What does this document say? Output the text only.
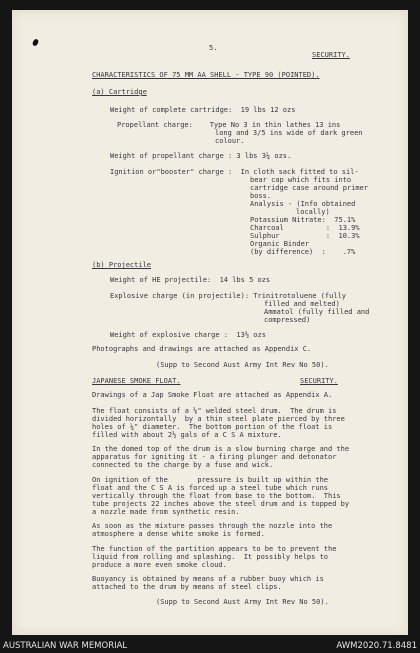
5.

SECURITY.

CHARACTERISTICS OF 75 MM AA SHELL - TYPE 90 (POINTED).

(a) Cartridge

Weight of complete cartridge:  19 lbs 12 ozs

Propellant charge:    Type No 3 in thin lathes 13 ins

long and 3/5 ins wide of dark green

colour.

Weight of propellant charge : 3 lbs 3¼ ozs.

Ignition or"booster" charge :  In cloth sack fitted to sil-

bear cap which fits into

cartridge case around primer

boss.

Analysis - (Info obtained

locally)

Potassium Nitrate:  75.1%

Charcoal          :  13.9%

Sulphur           :  10.3%

Organic Binder

(by difference)  :    .7%

(b) Projectile

Weight of HE projectile:  14 lbs 5 ozs

Explosive charge (in projectile): Trinitrotoluene (fully

filled and melted)

Ammatol (fully filled and

compressed)

Weight of explosive charge :  13½ ozs

Photographs and drawings are attached as Appendix C.

(Supp to Second Aust Army Int Rev No 50).

JAPANESE SMOKE FLOAT.	SECURITY.

Drawings of a Jap Smoke Float are attached as Appendix A.

The float consists of a ⅛" welded steel drum.  The drum is

divided horizontally  by a thin steel plate pierced by three

holes of ¼" diameter.  The bottom portion of the float is

filled with about 2½ gals of a C S A mixture.

In the domed top of the drum is a slow burning charge and the

apparatus for igniting it - a firing plunger and detonator

connected to the charge by a fuse and wick.

On ignition of the       pressure is built up within the

float and the C S A is forced up a steel tube which runs

vertically through the float from base to the bottom.  This

tube projects 22 inches above the steel drum and is topped by

a nozzle made from synthetic resin.

As soon as the mixture passes through the nozzle into the

atmosphere a dense white smoke is formed.

The function of the partition appears to be to prevent the

liquid from rolling and splashing.  It possibly helps to

produce a more even smoke cloud.

Buoyancy is obtained by means of a rubber buoy which is

attached to the drum by means of steel clips.

(Supp to Second Aust Army Int Rev No 50).

AUSTRALIAN WAR MEMORIAL	AWM2020.71.8481
